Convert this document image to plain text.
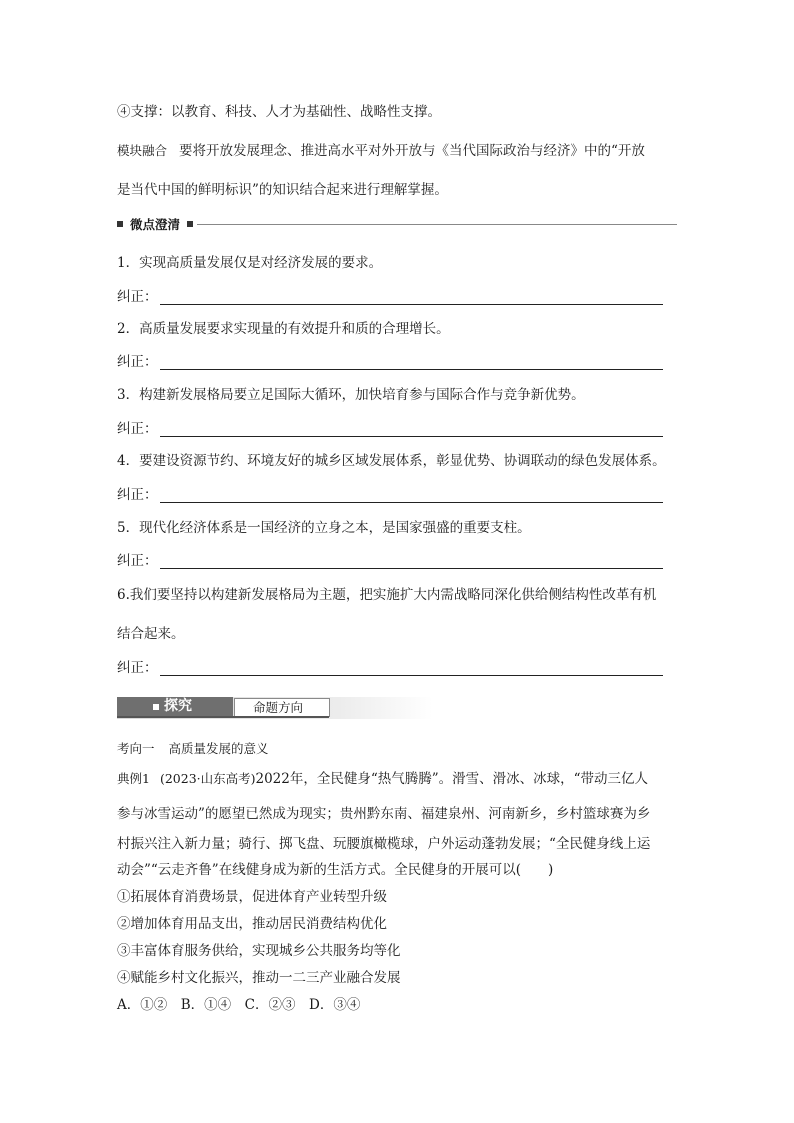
④支撑：以教育、科技、人才为基础性、战略性支撑。
模块融合 要将开放发展理念、推进高水平对外开放与《当代国际政治与经济》中的“开放
是当代中国的鲜明标识”的知识结合起来进行理解掌握。
微点澄清
1．实现高质量发展仅是对经济发展的要求。
纠正：
2．高质量发展要求实现量的有效提升和质的合理增长。
纠正：
3．构建新发展格局要立足国际大循环，加快培育参与国际合作与竞争新优势。
纠正：
4．要建设资源节约、环境友好的城乡区域发展体系，彰显优势、协调联动的绿色发展体系。
纠正：
5．现代化经济体系是一国经济的立身之本，是国家强盛的重要支柱。
纠正：
6.我们要坚持以构建新发展格局为主题，把实施扩大内需战略同深化供给侧结构性改革有机
结合起来。
纠正：
探究	命题方向
考向一 高质量发展的意义
典例1 (2023·山东高考)2022年，全民健身“热气腾腾”。滑雪、滑冰、冰球，“带动三亿人
参与冰雪运动”的愿望已然成为现实；贵州黔东南、福建泉州、河南新乡，乡村篮球赛为乡
村振兴注入新力量；骑行、掷飞盘、玩腰旗橄榄球，户外运动蓬勃发展；“全民健身线上运
动会”“云走齐鲁”在线健身成为新的生活方式。全民健身的开展可以(　　)
①拓展体育消费场景，促进体育产业转型升级
②增加体育用品支出，推动居民消费结构优化
③丰富体育服务供给，实现城乡公共服务均等化
④赋能乡村文化振兴，推动一二三产业融合发展
A．①②　B．①④　C．②③　D．③④
